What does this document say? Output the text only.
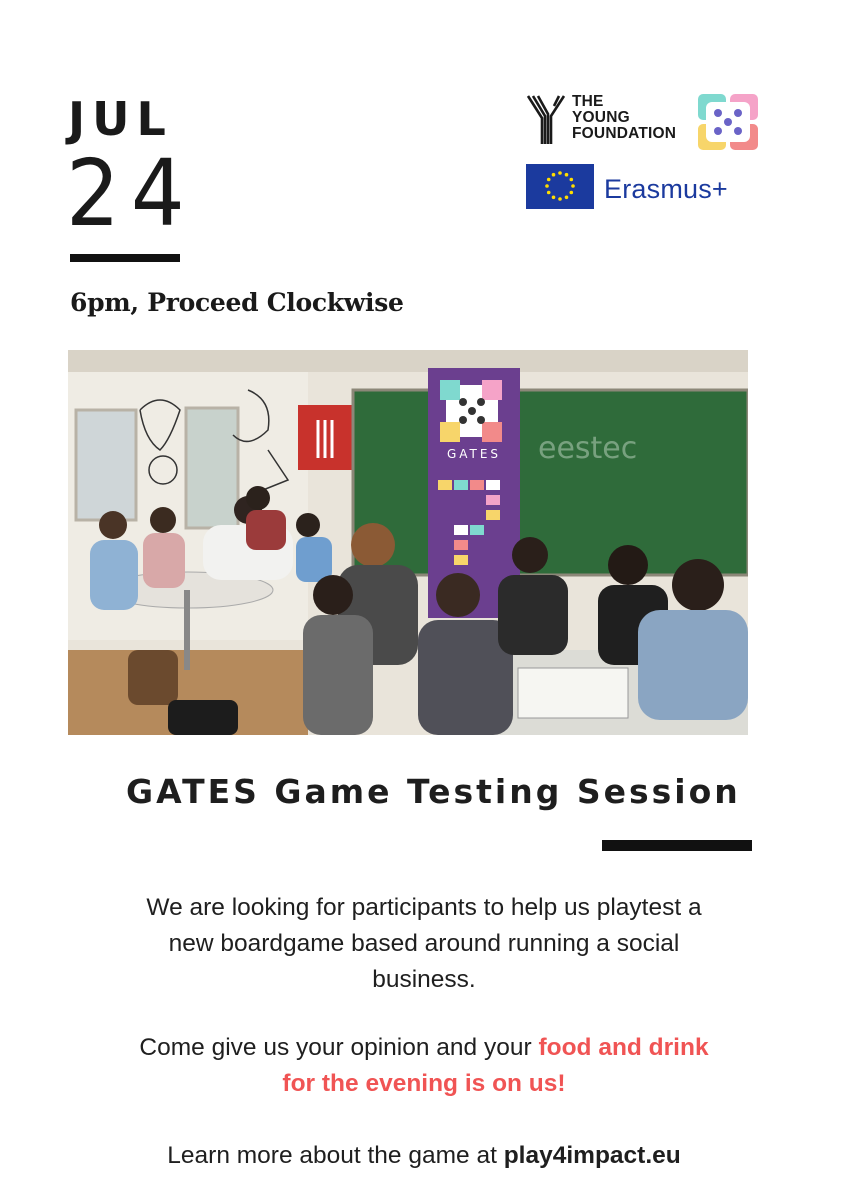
JUL
24
6pm, Proceed Clockwise
THE
YOUNG
FOUNDATION
Erasmus+
eestec
GATES
GATES Game Testing Session
We are looking for participants to help us playtest a
new boardgame based around running a social
business.
Come give us your opinion and your food and drink
for the evening is on us!
Learn more about the game at play4impact.eu
